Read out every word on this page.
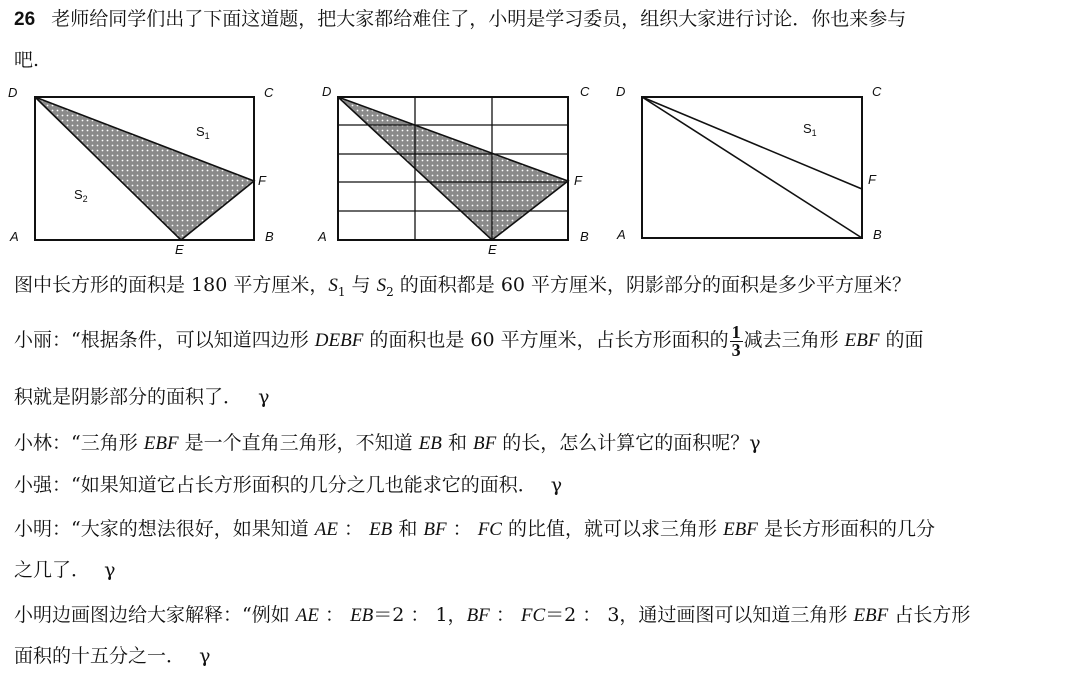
26 老师给同学们出了下面这道题，把大家都给难住了，小明是学习委员，组织大家进行讨论．你也来参与
吧.
D	C
A	B
E
F
$S_1$
$S_2$
D	C
A	B
E
F
D	C
A	B
F
$S_1$
图中长方形的面积是 180 平方厘米，$S_1$ 与 $S_2$ 的面积都是 60 平方厘米，阴影部分的面积是多少平方厘米？
小丽：“根据条件，可以知道四边形 DEBF 的面积也是 60 平方厘米，占长方形面积的 $\frac{1}{3}$ 减去三角形 EBF 的面
积就是阴影部分的面积了． γ
小林：“三角形 EBF 是一个直角三角形，不知道 EB 和 BF 的长，怎么计算它的面积呢？γ
小强：“如果知道它占长方形面积的几分之几也能求它的面积． γ
小明：“大家的想法很好，如果知道 AE ： EB 和 BF ： FC 的比值，就可以求三角形 EBF 是长方形面积的几分
之几了． γ
小明边画图边给大家解释：“例如 AE ： EB＝2 ： 1，BF ： FC＝2 ： 3，通过画图可以知道三角形 EBF 占长方形
面积的十五分之一． γ
